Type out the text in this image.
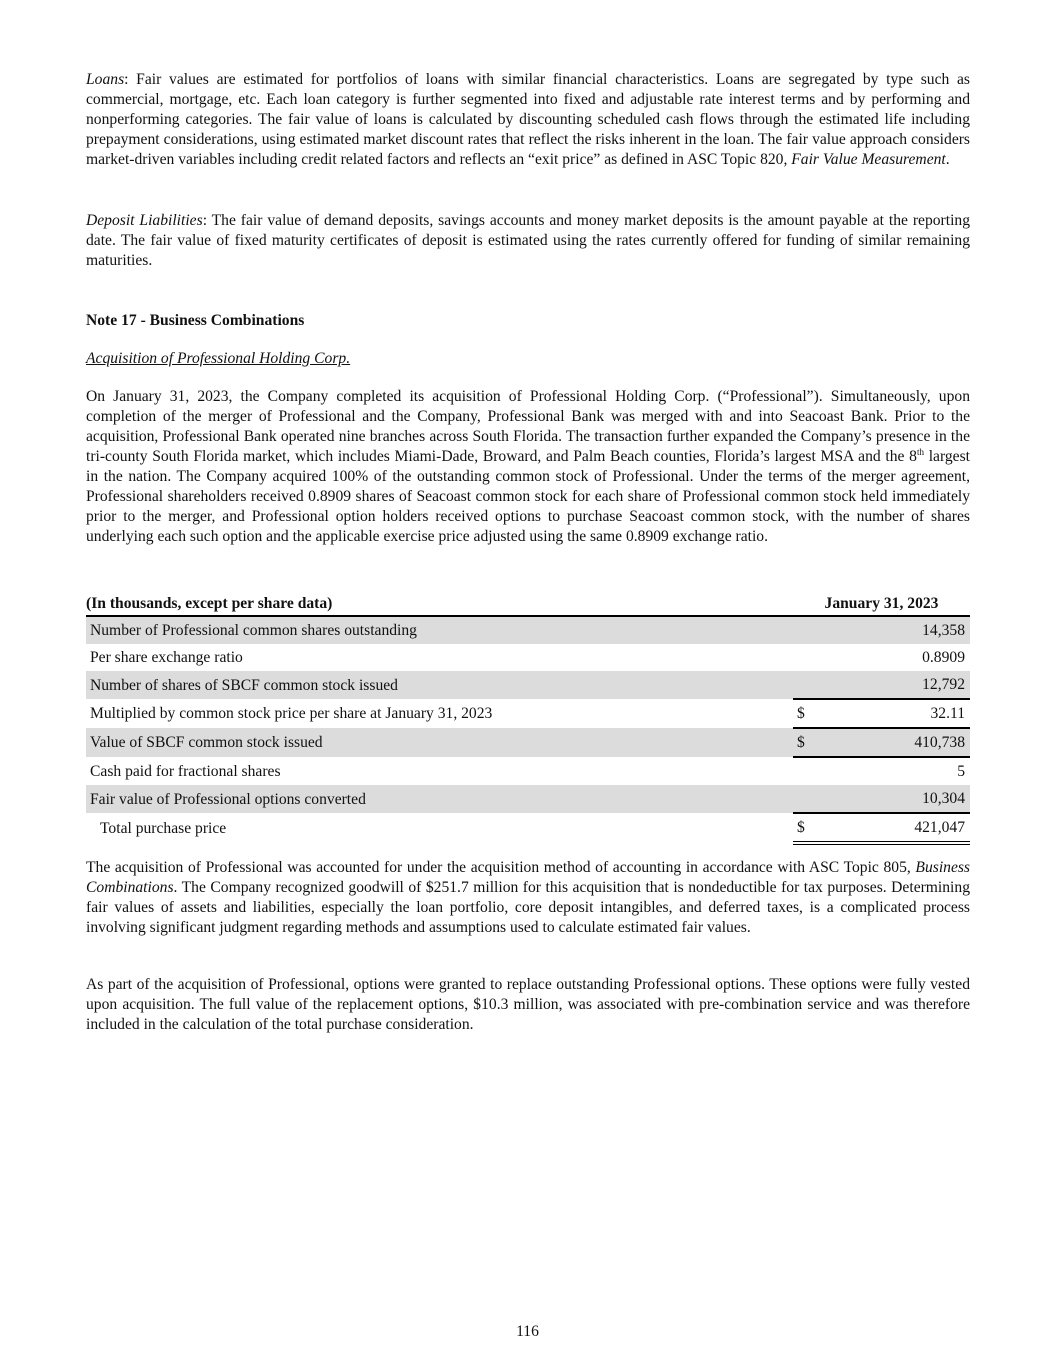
Loans: Fair values are estimated for portfolios of loans with similar financial characteristics. Loans are segregated by type such as commercial, mortgage, etc. Each loan category is further segmented into fixed and adjustable rate interest terms and by performing and nonperforming categories. The fair value of loans is calculated by discounting scheduled cash flows through the estimated life including prepayment considerations, using estimated market discount rates that reflect the risks inherent in the loan. The fair value approach considers market-driven variables including credit related factors and reflects an “exit price” as defined in ASC Topic 820, Fair Value Measurement.

Deposit Liabilities: The fair value of demand deposits, savings accounts and money market deposits is the amount payable at the reporting date. The fair value of fixed maturity certificates of deposit is estimated using the rates currently offered for funding of similar remaining maturities.

Note 17 - Business Combinations

Acquisition of Professional Holding Corp.

On January 31, 2023, the Company completed its acquisition of Professional Holding Corp. (“Professional”). Simultaneously, upon completion of the merger of Professional and the Company, Professional Bank was merged with and into Seacoast Bank. Prior to the acquisition, Professional Bank operated nine branches across South Florida. The transaction further expanded the Company’s presence in the tri-county South Florida market, which includes Miami-Dade, Broward, and Palm Beach counties, Florida’s largest MSA and the 8th largest in the nation. The Company acquired 100% of the outstanding common stock of Professional. Under the terms of the merger agreement, Professional shareholders received 0.8909 shares of Seacoast common stock for each share of Professional common stock held immediately prior to the merger, and Professional option holders received options to purchase Seacoast common stock, with the number of shares underlying each such option and the applicable exercise price adjusted using the same 0.8909 exchange ratio.

(In thousands, except per share data)	January 31, 2023	
Number of Professional common shares outstanding		14,358
Per share exchange ratio		0.8909
Number of shares of SBCF common stock issued		12,792
Multiplied by common stock price per share at January 31, 2023	$	32.11
Value of SBCF common stock issued	$	410,738
Cash paid for fractional shares		5
Fair value of Professional options converted		10,304
Total purchase price	$	421,047

The acquisition of Professional was accounted for under the acquisition method of accounting in accordance with ASC Topic 805, Business Combinations. The Company recognized goodwill of $251.7 million for this acquisition that is nondeductible for tax purposes. Determining fair values of assets and liabilities, especially the loan portfolio, core deposit intangibles, and deferred taxes, is a complicated process involving significant judgment regarding methods and assumptions used to calculate estimated fair values.

As part of the acquisition of Professional, options were granted to replace outstanding Professional options. These options were fully vested upon acquisition. The full value of the replacement options, $10.3 million, was associated with pre-combination service and was therefore included in the calculation of the total purchase consideration.

116
